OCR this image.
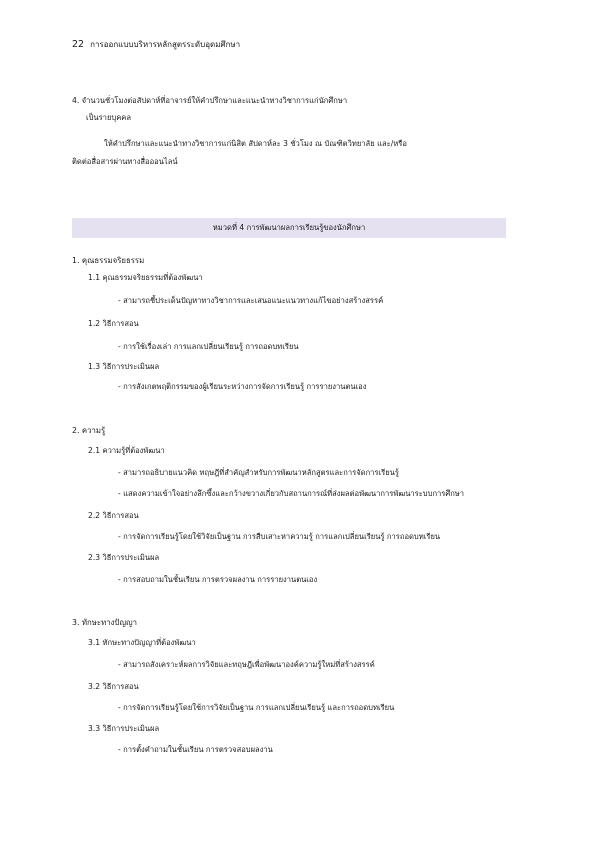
22 การออกแบบบริหารหลักสูตรระดับอุดมศึกษา
4. จำนวนชั่วโมงต่อสัปดาห์ที่อาจารย์ให้คำปรึกษาและแนะนำทางวิชาการแก่นักศึกษา
เป็นรายบุคคล
ให้คำปรึกษาและแนะนำทางวิชาการแก่นิสิต สัปดาห์ละ 3 ชั่วโมง ณ บัณฑิตวิทยาลัย และ/หรือ
ติดต่อสื่อสารผ่านทางสื่อออนไลน์
หมวดที่ 4 การพัฒนาผลการเรียนรู้ของนักศึกษา
1. คุณธรรมจริยธรรม
1.1 คุณธรรมจริยธรรมที่ต้องพัฒนา
- สามารถชี้ประเด็นปัญหาทางวิชาการและเสนอแนะแนวทางแก้ไขอย่างสร้างสรรค์
1.2 วิธีการสอน
- การใช้เรื่องเล่า การแลกเปลี่ยนเรียนรู้ การถอดบทเรียน
1.3 วิธีการประเมินผล
- การสังเกตพฤติกรรมของผู้เรียนระหว่างการจัดการเรียนรู้ การรายงานตนเอง
2. ความรู้
2.1 ความรู้ที่ต้องพัฒนา
- สามารถอธิบายแนวคิด ทฤษฎีที่สำคัญสำหรับการพัฒนาหลักสูตรและการจัดการเรียนรู้
- แสดงความเข้าใจอย่างลึกซึ้งและกว้างขวางเกี่ยวกับสถานการณ์ที่ส่งผลต่อพัฒนาการพัฒนาระบบการศึกษา
2.2 วิธีการสอน
- การจัดการเรียนรู้โดยใช้วิจัยเป็นฐาน การสืบเสาะหาความรู้ การแลกเปลี่ยนเรียนรู้ การถอดบทเรียน
2.3 วิธีการประเมินผล
- การสอบถามในชั้นเรียน การตรวจผลงาน การรายงานตนเอง
3. ทักษะทางปัญญา
3.1 ทักษะทางปัญญาที่ต้องพัฒนา
- สามารถสังเคราะห์ผลการวิจัยและทฤษฎีเพื่อพัฒนาองค์ความรู้ใหม่ที่สร้างสรรค์
3.2 วิธีการสอน
- การจัดการเรียนรู้โดยใช้การวิจัยเป็นฐาน การแลกเปลี่ยนเรียนรู้ และการถอดบทเรียน
3.3 วิธีการประเมินผล
- การตั้งคำถามในชั้นเรียน การตรวจสอบผลงาน
